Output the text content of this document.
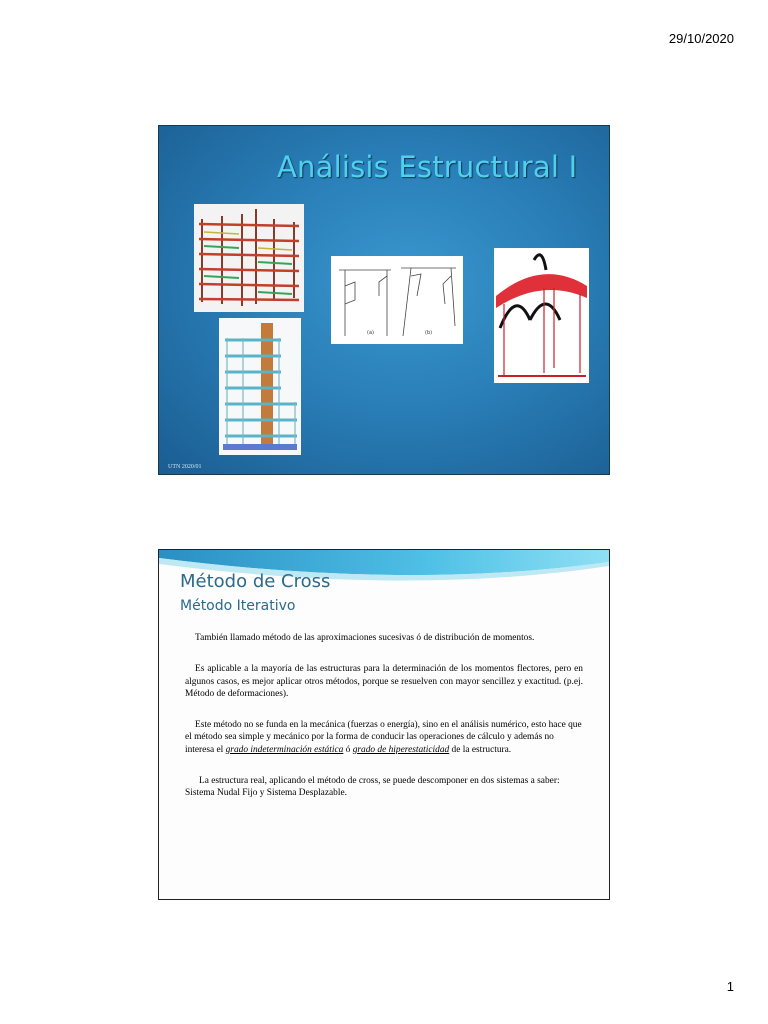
29/10/2020
Análisis Estructural I
(a)	(b)
UTN 2020/01
Método de Cross
Método Iterativo

También llamado método de las aproximaciones sucesivas ó de distribución de momentos.

Es aplicable a la mayoría de las estructuras para la determinación de los momentos flectores, pero en algunos casos, es mejor aplicar otros métodos, porque se resuelven con mayor sencillez y exactitud. (p.ej. Método de deformaciones).

Este método no se funda en la mecánica (fuerzas o energía), sino en el análisis numérico, esto hace que el método sea simple y mecánico por la forma de conducir las operaciones de cálculo y además no interesa el grado indeterminación estática ó grado de hiperestaticidad de la estructura.

La estructura real, aplicando el método de cross, se puede descomponer en dos sistemas a saber: Sistema Nudal Fijo y Sistema Desplazable.

1
